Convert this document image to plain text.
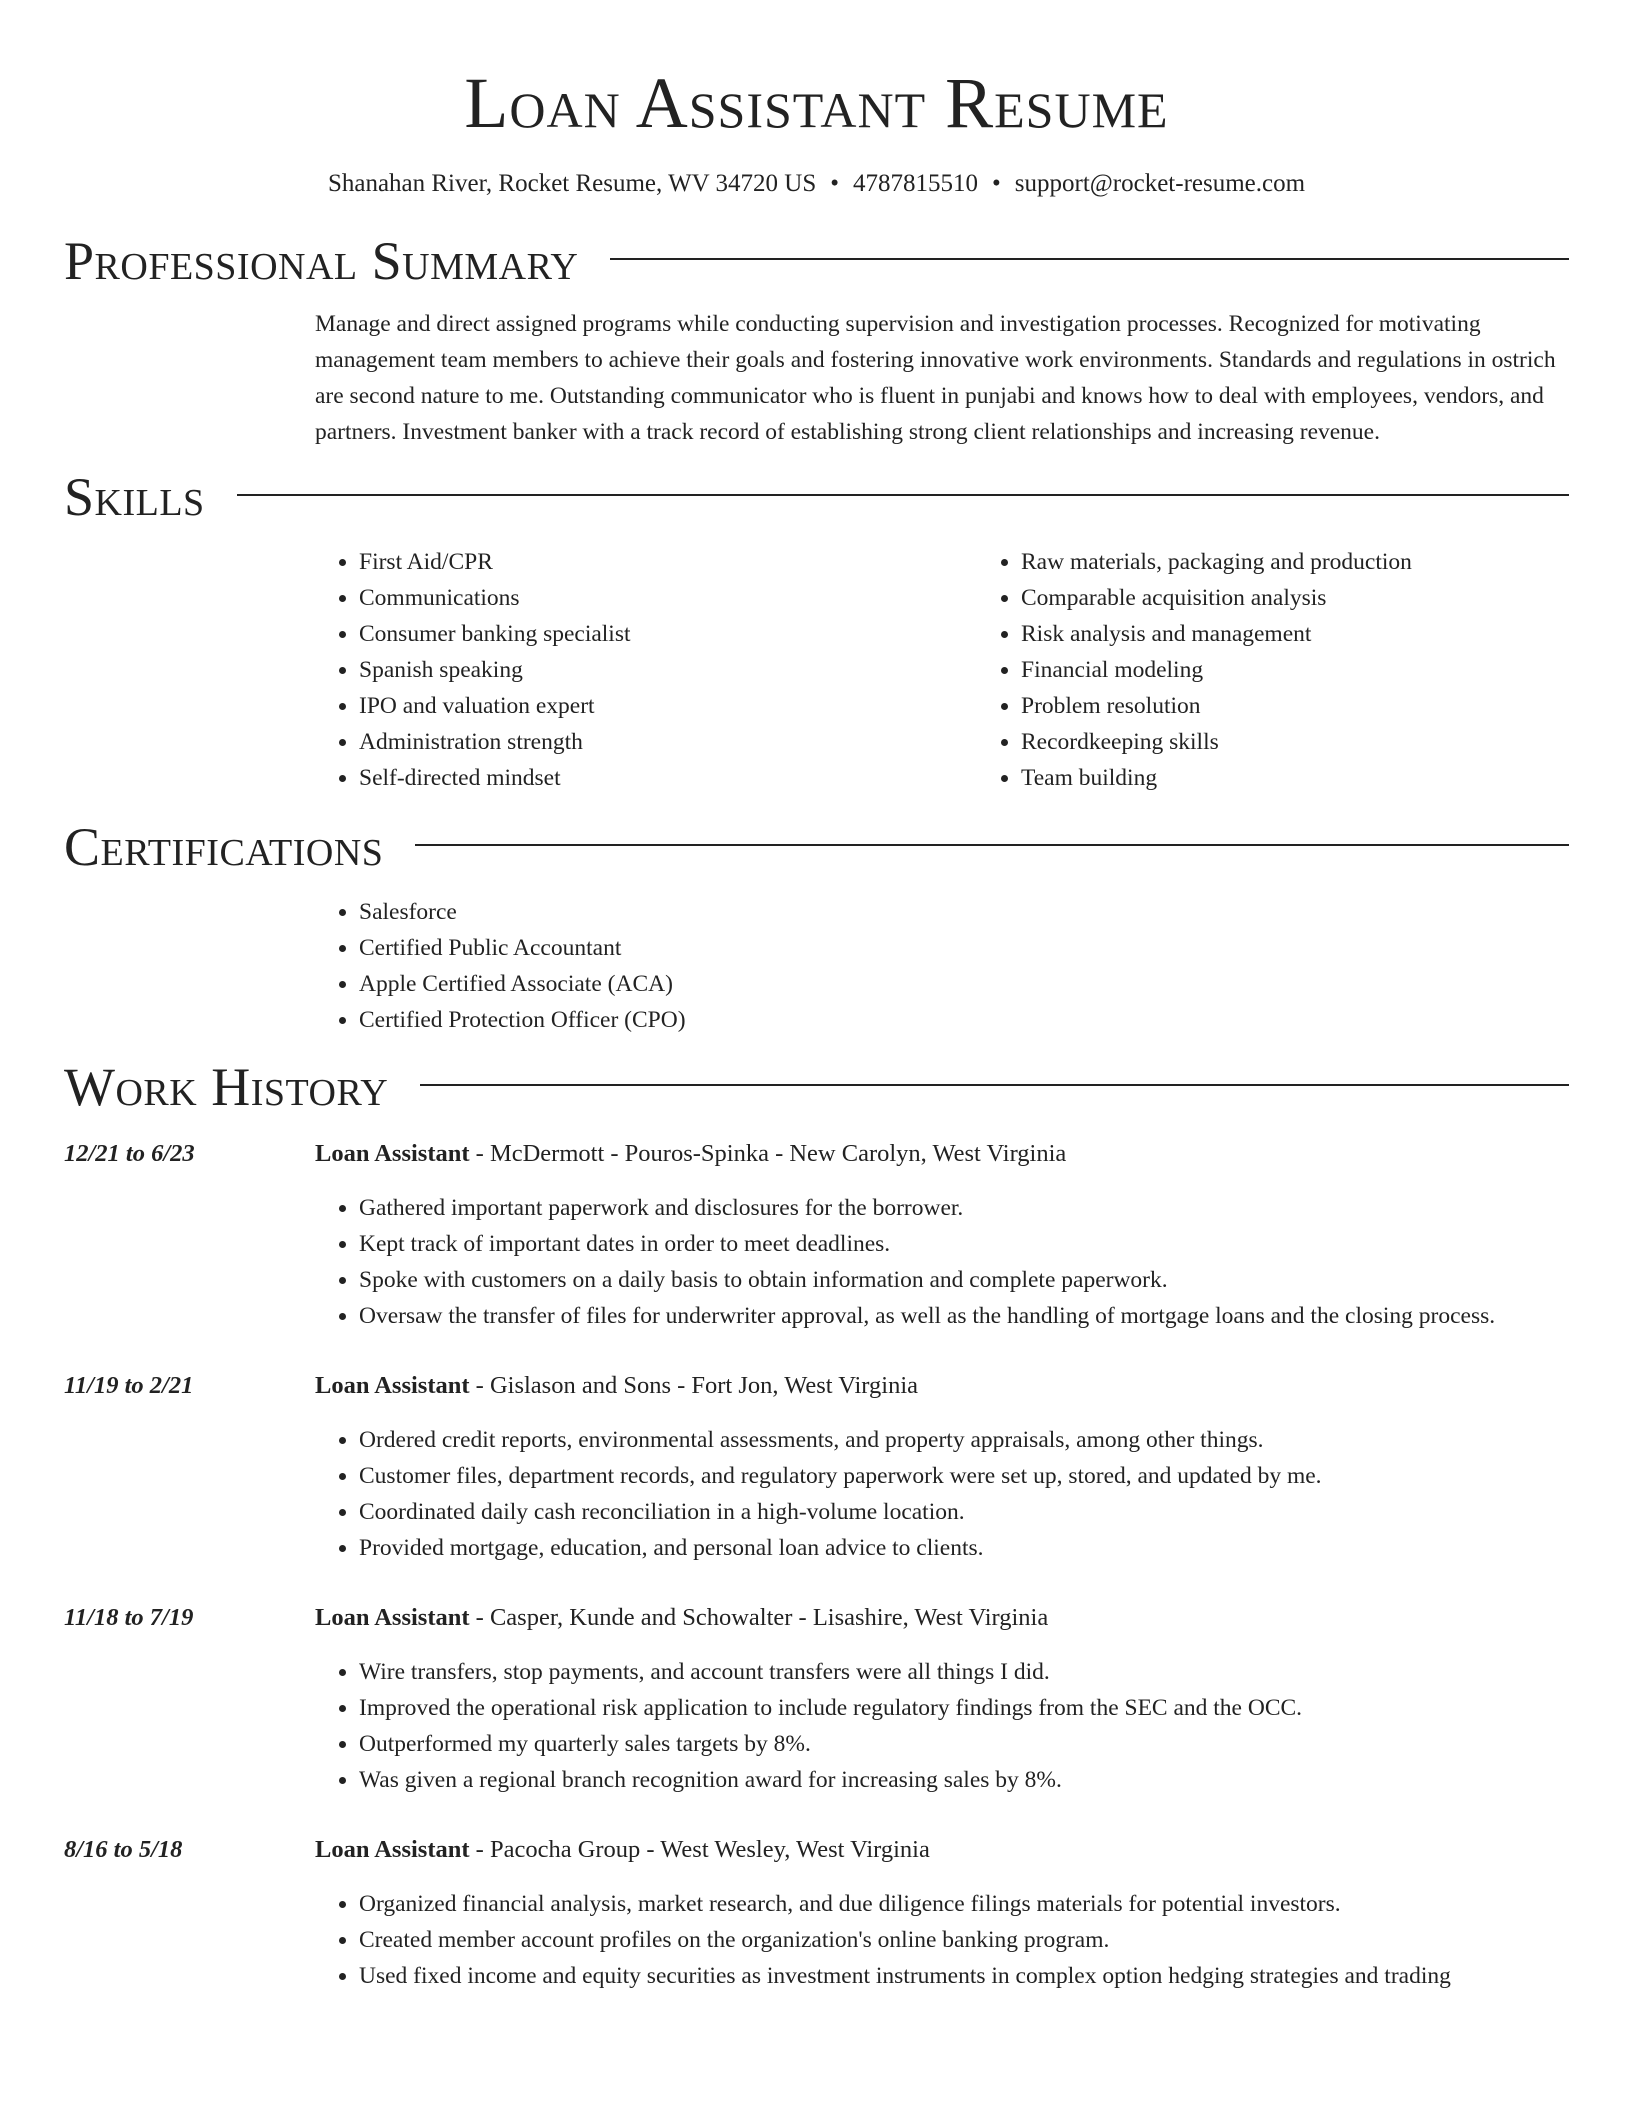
Loan Assistant Resume
Shanahan River, Rocket Resume, WV 34720 US • 4787815510 • support@rocket-resume.com
Professional Summary

Manage and direct assigned programs while conducting supervision and investigation processes. Recognized for motivating management team members to achieve their goals and fostering innovative work environments. Standards and regulations in ostrich are second nature to me. Outstanding communicator who is fluent in punjabi and knows how to deal with employees, vendors, and partners. Investment banker with a track record of establishing strong client relationships and increasing revenue.

Skills
• First Aid/CPR
• Communications
• Consumer banking specialist
• Spanish speaking
• IPO and valuation expert
• Administration strength
• Self-directed mindset
• Raw materials, packaging and production
• Comparable acquisition analysis
• Risk analysis and management
• Financial modeling
• Problem resolution
• Recordkeeping skills
• Team building
Certifications
• Salesforce
• Certified Public Accountant
• Apple Certified Associate (ACA)
• Certified Protection Officer (CPO)
Work History
12/21 to 6/23	Loan Assistant - McDermott - Pouros-Spinka - New Carolyn, West Virginia
• Gathered important paperwork and disclosures for the borrower.
• Kept track of important dates in order to meet deadlines.
• Spoke with customers on a daily basis to obtain information and complete paperwork.
• Oversaw the transfer of files for underwriter approval, as well as the handling of mortgage loans and the closing process.
11/19 to 2/21	Loan Assistant - Gislason and Sons - Fort Jon, West Virginia
• Ordered credit reports, environmental assessments, and property appraisals, among other things.
• Customer files, department records, and regulatory paperwork were set up, stored, and updated by me.
• Coordinated daily cash reconciliation in a high-volume location.
• Provided mortgage, education, and personal loan advice to clients.
11/18 to 7/19	Loan Assistant - Casper, Kunde and Schowalter - Lisashire, West Virginia
• Wire transfers, stop payments, and account transfers were all things I did.
• Improved the operational risk application to include regulatory findings from the SEC and the OCC.
• Outperformed my quarterly sales targets by 8%.
• Was given a regional branch recognition award for increasing sales by 8%.
8/16 to 5/18	Loan Assistant - Pacocha Group - West Wesley, West Virginia
• Organized financial analysis, market research, and due diligence filings materials for potential investors.
• Created member account profiles on the organization's online banking program.
• Used fixed income and equity securities as investment instruments in complex option hedging strategies and trading
